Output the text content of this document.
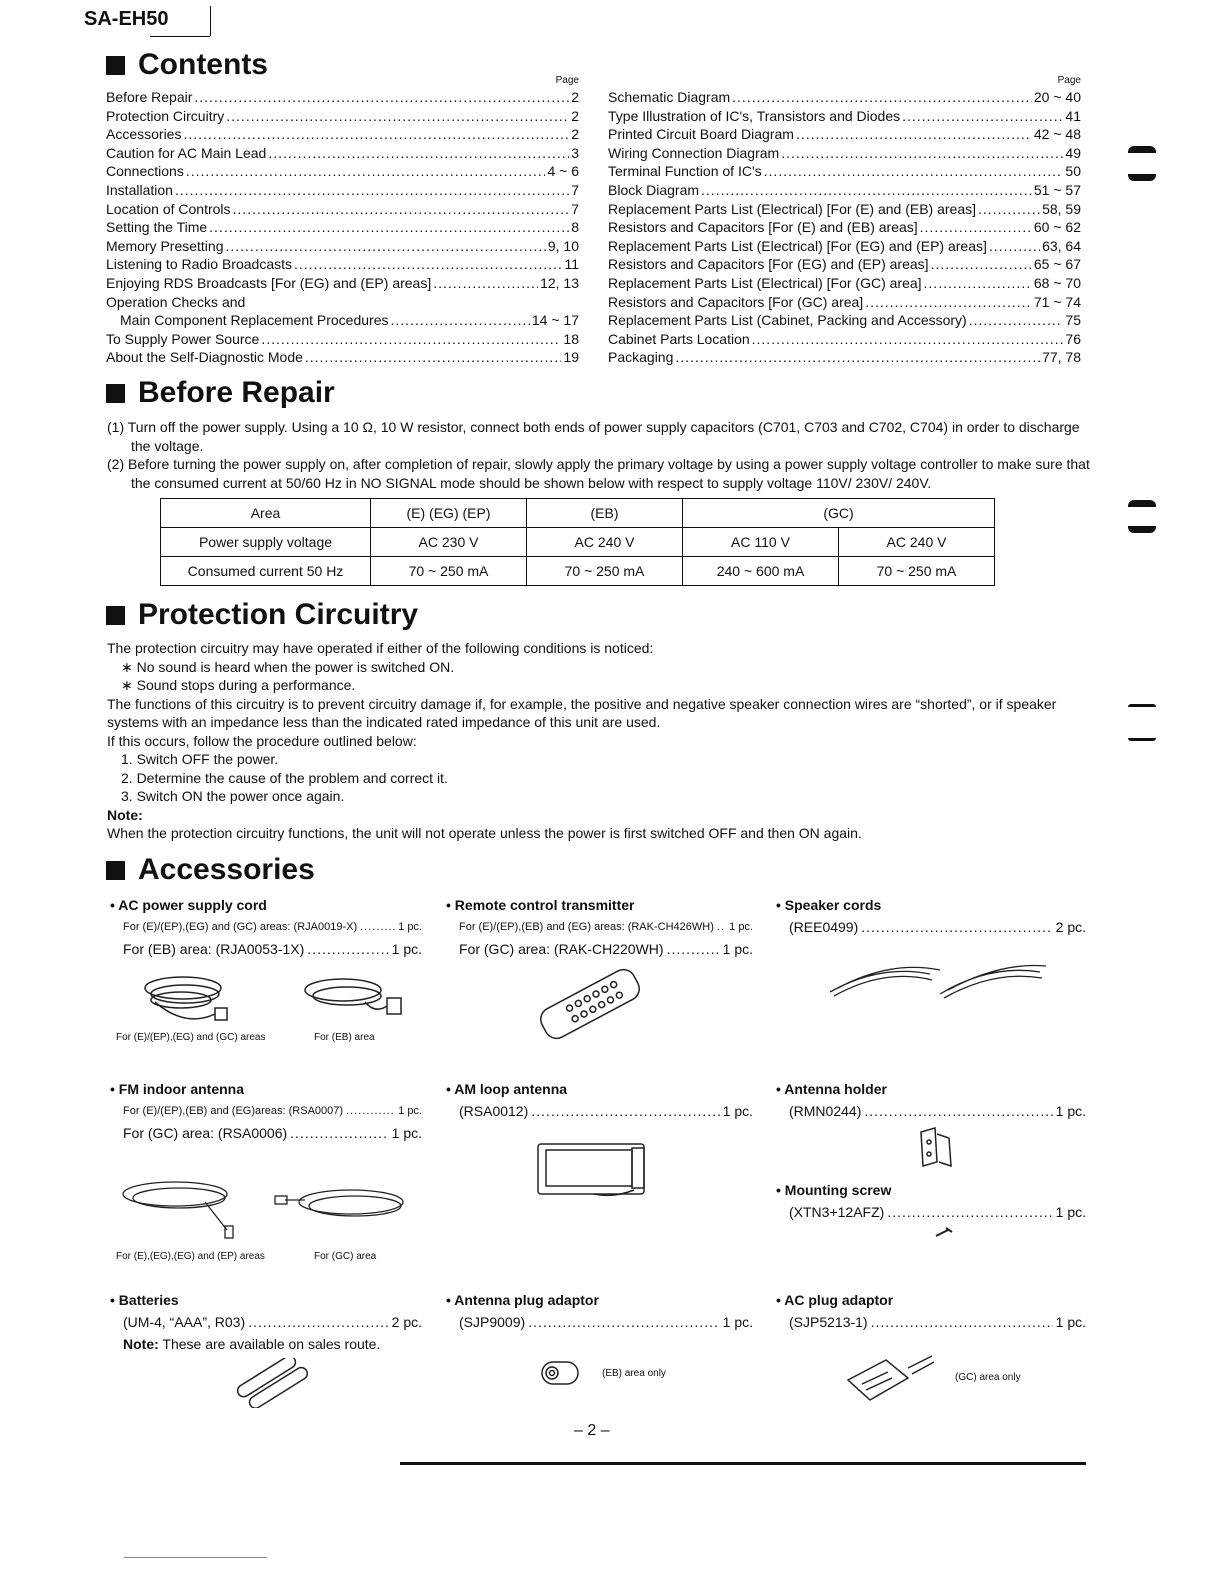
SA-EH50
Contents	Page
Before Repair .....	2
Protection Circuitry .....	2
Accessories .....	2
Caution for AC Main Lead .....	3
Connections .....	4 ~ 6
Installation .....	7
Location of Controls .....	7
Setting the Time .....	8
Memory Presetting .....	9, 10
Listening to Radio Broadcasts .....	11
Enjoying RDS Broadcasts [For (EG) and (EP) areas] .....	12, 13
Operation Checks and
Main Component Replacement Procedures .....	14 ~ 17
To Supply Power Source .....	18
About the Self-Diagnostic Mode .....	19
Page
Schematic Diagram .....	20 ~ 40
Type Illustration of IC's, Transistors and Diodes .....	41
Printed Circuit Board Diagram .....	42 ~ 48
Wiring Connection Diagram .....	49
Terminal Function of IC's .....	50
Block Diagram .....	51 ~ 57
Replacement Parts List (Electrical) [For (E) and (EB) areas] .....	58, 59
Resistors and Capacitors [For (E) and (EB) areas] .....	60 ~ 62
Replacement Parts List (Electrical) [For (EG) and (EP) areas] .....	63, 64
Resistors and Capacitors [For (EG) and (EP) areas] .....	65 ~ 67
Replacement Parts List (Electrical) [For (GC) area] .....	68 ~ 70
Resistors and Capacitors [For (GC) area] .....	71 ~ 74
Replacement Parts List (Cabinet, Packing and Accessory) .....	75
Cabinet Parts Location .....	76
Packaging .....	77, 78
Before Repair
(1) Turn off the power supply. Using a 10 Ω, 10 W resistor, connect both ends of power supply capacitors (C701, C703 and C702, C704) in order to discharge the voltage.
(2) Before turning the power supply on, after completion of repair, slowly apply the primary voltage by using a power supply voltage controller to make sure that the consumed current at 50/60 Hz in NO SIGNAL mode should be shown below with respect to supply voltage 110V/ 230V/ 240V.
Area	(E) (EG) (EP)	(EB)	(GC)	
Power supply voltage	AC 230 V	AC 240 V	AC 110 V	AC 240 V
Consumed current 50 Hz	70 ~ 250 mA	70 ~ 250 mA	240 ~ 600 mA	70 ~ 250 mA
Protection Circuitry
The protection circuitry may have operated if either of the following conditions is noticed:
∗ No sound is heard when the power is switched ON.
∗ Sound stops during a performance.
The functions of this circuitry is to prevent circuitry damage if, for example, the positive and negative speaker connection wires are “shorted”, or if speaker systems with an impedance less than the indicated rated impedance of this unit are used.
If this occurs, follow the procedure outlined below:
1. Switch OFF the power.
2. Determine the cause of the problem and correct it.
3. Switch ON the power once again.
Note:
When the protection circuitry functions, the unit will not operate unless the power is first switched OFF and then ON again.
Accessories
• AC power supply cord
For (E)/(EP),(EG) and (GC) areas: (RJA0019-X) .....	1 pc.
For (EB) area: (RJA0053-1X) .....	1 pc.
For (E)/(EP),(EG) and (GC) areas	For (EB) area
• Remote control transmitter
For (E)/(EP),(EB) and (EG) areas: (RAK-CH426WH) ..... 1 pc.
For (GC) area: (RAK-CH220WH) .....	1 pc.
• Speaker cords
(REE0499) .....	2 pc.
• FM indoor antenna
For (E)/(EP),(EB) and (EG)areas: (RSA0007) .....	1 pc.
For (GC) area: (RSA0006) .....	1 pc.
For (E),(EG),(EG) and (EP) areas	For (GC) area
• AM loop antenna
(RSA0012) .....	1 pc.
• Antenna holder
(RMN0244) .....	1 pc.
• Mounting screw
(XTN3+12AFZ) .....	1 pc.
• Batteries
(UM-4, “AAA”, R03) .....	2 pc.
Note: These are available on sales route.
• Antenna plug adaptor
(SJP9009) .....	1 pc.
(EB) area only
• AC plug adaptor
(SJP5213-1) .....	1 pc.
(GC) area only
– 2 –
